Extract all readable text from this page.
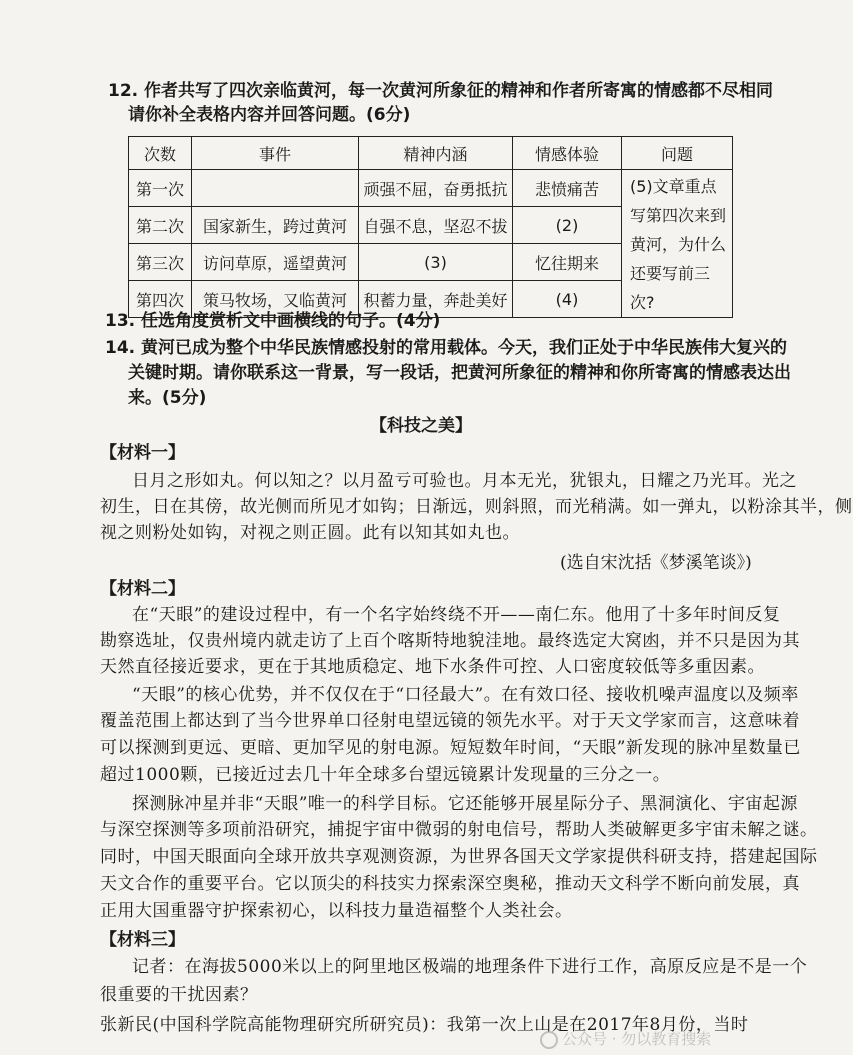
12. 作者共写了四次亲临黄河，每一次黄河所象征的精神和作者所寄寓的情感都不尽相同
请你补全表格内容并回答问题。(6分)
次数	事件	精神内涵	情感体验	问题
第一次		顽强不屈，奋勇抵抗	悲愤痛苦	(5)文章重点
写第四次来到
黄河，为什么
还要写前三
次?

第二次	国家新生，跨过黄河	自强不息，坚忍不拔	(2)	
第三次	访问草原，遥望黄河	(3)	忆往期来	
第四次	策马牧场，又临黄河	积蓄力量，奔赴美好	(4)	
13. 任选角度赏析文中画横线的句子。(4分)
14. 黄河已成为整个中华民族情感投射的常用载体。今天，我们正处于中华民族伟大复兴的
关键时期。请你联系这一背景，写一段话，把黄河所象征的精神和你所寄寓的情感表达出
来。(5分)
【科技之美】
【材料一】
日月之形如丸。何以知之？以月盈亏可验也。月本无光，犹银丸，日耀之乃光耳。光之
初生，日在其傍，故光侧而所见才如钩；日渐远，则斜照，而光稍满。如一弹丸，以粉涂其半，侧
视之则粉处如钩，对视之则正圆。此有以知其如丸也。
(选自宋沈括《梦溪笔谈》)
【材料二】
在“天眼”的建设过程中，有一个名字始终绕不开——南仁东。他用了十多年时间反复
勘察选址，仅贵州境内就走访了上百个喀斯特地貌洼地。最终选定大窝凼，并不只是因为其
天然直径接近要求，更在于其地质稳定、地下水条件可控、人口密度较低等多重因素。
“天眼”的核心优势，并不仅仅在于“口径最大”。在有效口径、接收机噪声温度以及频率
覆盖范围上都达到了当今世界单口径射电望远镜的领先水平。对于天文学家而言，这意味着
可以探测到更远、更暗、更加罕见的射电源。短短数年时间，“天眼”新发现的脉冲星数量已
超过1000颗，已接近过去几十年全球多台望远镜累计发现量的三分之一。
探测脉冲星并非“天眼”唯一的科学目标。它还能够开展星际分子、黑洞演化、宇宙起源
与深空探测等多项前沿研究，捕捉宇宙中微弱的射电信号，帮助人类破解更多宇宙未解之谜。
同时，中国天眼面向全球开放共享观测资源，为世界各国天文学家提供科研支持，搭建起国际
天文合作的重要平台。它以顶尖的科技实力探索深空奥秘，推动天文科学不断向前发展，真
正用大国重器守护探索初心，以科技力量造福整个人类社会。
【材料三】
记者：在海拔5000米以上的阿里地区极端的地理条件下进行工作，高原反应是不是一个
很重要的干扰因素？
张新民(中国科学院高能物理研究所研究员)：我第一次上山是在2017年8月份，当时
公众号 · 勿以教育搜索
